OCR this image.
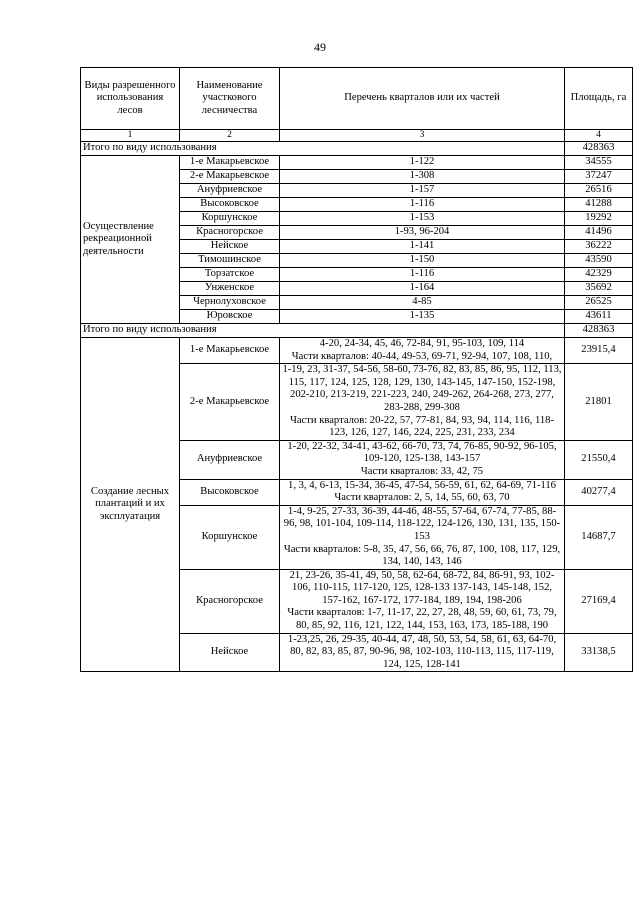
49
Виды разрешенного использования лесов	Наименование участкового лесничества	Перечень кварталов или их частей	Площадь, га
1	2	3	4
Итого по виду использования			428363
Осуществление рекреационной деятельности	1-е Макарьевское	1-122	34555
	2-е Макарьевское	1-308	37247
	Ануфриевское	1-157	26516
	Высоковское	1-116	41288
	Коршунское	1-153	19292
	Красногорское	1-93, 96-204	41496
	Нейское	1-141	36222
	Тимошинское	1-150	43590
	Торзатское	1-116	42329
	Унженское	1-164	35692
	Чернолуховское	4-85	26525
	Юровское	1-135	43611
Итого по виду использования			428363
Создание лесных плантаций и их эксплуатация	1-е Макарьевское	4-20, 24-34, 45, 46, 72-84, 91, 95-103, 109, 114
Части кварталов: 40-44, 49-53, 69-71, 92-94, 107, 108, 110,	23915,4
	2-е Макарьевское	1-19, 23, 31-37, 54-56, 58-60, 73-76, 82, 83, 85, 86, 95, 112, 113, 115, 117, 124, 125, 128, 129, 130, 143-145, 147-150, 152-198, 202-210, 213-219, 221-223, 240, 249-262, 264-268, 273, 277, 283-288, 299-308
Части кварталов: 20-22, 57, 77-81, 84, 93, 94, 114, 116, 118-123, 126, 127, 146, 224, 225, 231, 233, 234	21801
	Ануфриевское	1-20, 22-32, 34-41, 43-62, 66-70, 73, 74, 76-85, 90-92, 96-105, 109-120, 125-138, 143-157
Части кварталов: 33, 42, 75	21550,4
	Высоковское	1, 3, 4, 6-13, 15-34, 36-45, 47-54, 56-59, 61, 62, 64-69, 71-116
Части кварталов: 2, 5, 14, 55, 60, 63, 70	40277,4
	Коршунское	1-4, 9-25, 27-33, 36-39, 44-46, 48-55, 57-64, 67-74, 77-85, 88-96, 98, 101-104, 109-114, 118-122, 124-126, 130, 131, 135, 150-153
Части кварталов: 5-8, 35, 47, 56, 66, 76, 87, 100, 108, 117, 129, 134, 140, 143, 146	14687,7
	Красногорское	21, 23-26, 35-41, 49, 50, 58, 62-64, 68-72, 84, 86-91, 93, 102-106, 110-115, 117-120, 125, 128-133 137-143, 145-148, 152, 157-162, 167-172, 177-184, 189, 194, 198-206
Части кварталов: 1-7, 11-17, 22, 27, 28, 48, 59, 60, 61, 73, 79, 80, 85, 92, 116, 121, 122, 144, 153, 163, 173, 185-188, 190	27169,4
	Нейское	1-23,25, 26, 29-35, 40-44, 47, 48, 50, 53, 54, 58, 61, 63, 64-70, 80, 82, 83, 85, 87, 90-96, 98, 102-103, 110-113, 115, 117-119, 124, 125, 128-141	33138,5
